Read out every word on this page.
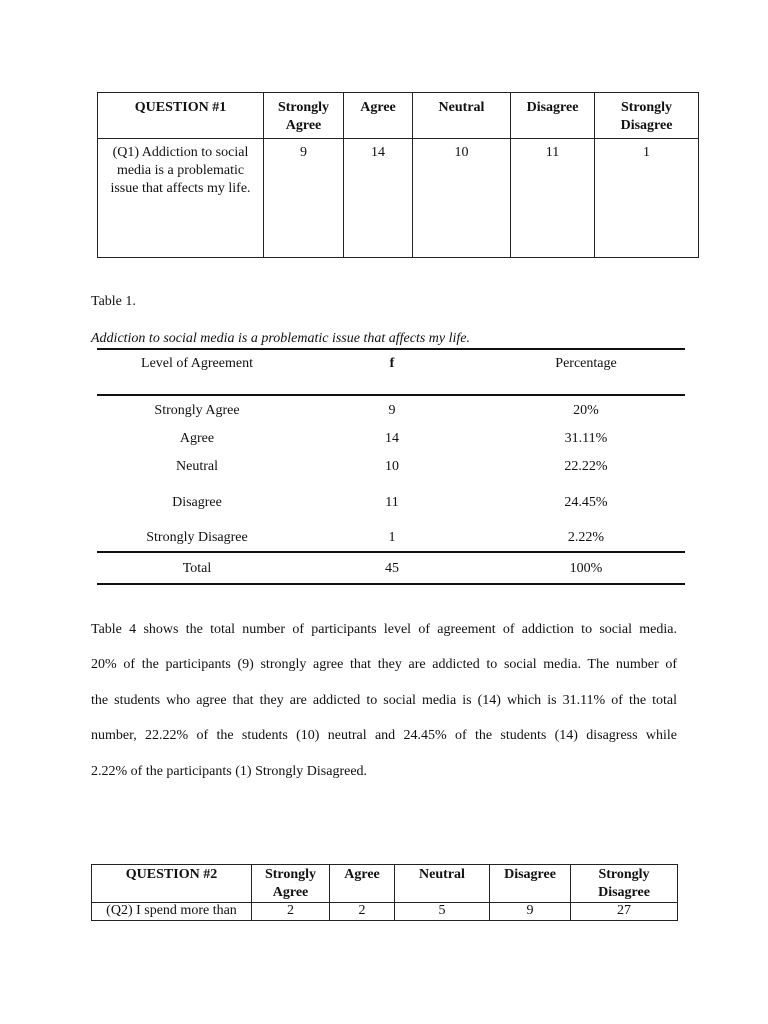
QUESTION #1	Strongly Agree	Agree	Neutral	Disagree	Strongly Disagree
(Q1) Addiction to social media is a problematic issue that affects my life.	9	14	10	11	1
Table 1.
Addiction to social media is a problematic issue that affects my life.
Level of Agreement	f	Percentage
Strongly Agree	9	20%
Agree	14	31.11%
Neutral	10	22.22%
Disagree	11	24.45%
Strongly Disagree	1	2.22%
Total	45	100%
Table 4 shows the total number of participants level of agreement of addiction to social media.
20% of the participants (9) strongly agree that they are addicted to social media. The number of
the students who agree that they are addicted to social media is (14) which is 31.11% of the total
number, 22.22% of the students (10) neutral and 24.45% of the students (14) disagress while
2.22% of the participants (1) Strongly Disagreed.
QUESTION #2	Strongly Agree	Agree	Neutral	Disagree	Strongly Disagree
(Q2) I spend more than	2	2	5	9	27
